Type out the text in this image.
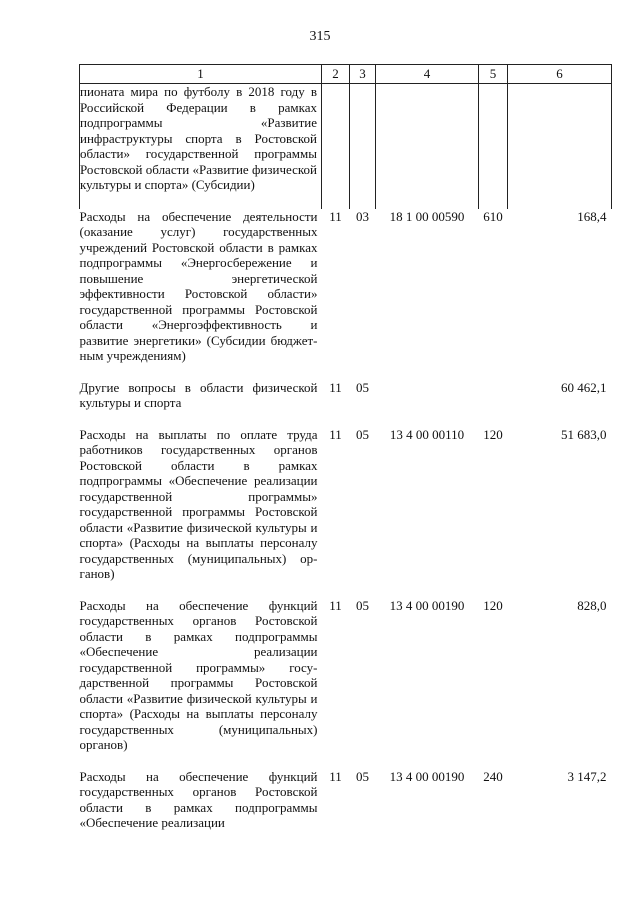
315
1	2	3	4	5	6
пионата мира по футболу в 2018 году в Российской Федерации в рамках подпрограммы «Развитие инфраструктуры спорта в Ростовской области» государственной программы Ростовской области «Развитие физической культуры и спорта» (Субсидии)					
Расходы на обеспечение деятельности (оказание услуг) государственных учреждений Ростовской области в рамках подпрограммы «Энергосбережение и повышение энергетической эффективности Ростовской области» государственной программы Ростовской области «Энергоэффективность и развитие энергетики» (Субсидии бюджетным учреждениям)	11	03	18 1 00 00590	610	168,4
Другие вопросы в области физической культуры и спорта	11	05			60 462,1
Расходы на выплаты по оплате труда работников государственных органов Ростовской области в рамках подпрограммы «Обеспечение реализации государственной программы» государственной программы Ростовской области «Развитие физической культуры и спорта» (Расходы на выплаты персоналу государственных (муниципальных) органов)	11	05	13 4 00 00110	120	51 683,0
Расходы на обеспечение функций государственных органов Ростовской области в рамках подпрограммы «Обеспечение реализации государственной программы» государственной программы Ростовской области «Развитие физической культуры и спорта» (Расходы на выплаты персоналу государственных (муниципальных) органов)	11	05	13 4 00 00190	120	828,0
Расходы на обеспечение функций государственных органов Ростовской области в рамках подпрограммы «Обеспечение реализации	11	05	13 4 00 00190	240	3 147,2
